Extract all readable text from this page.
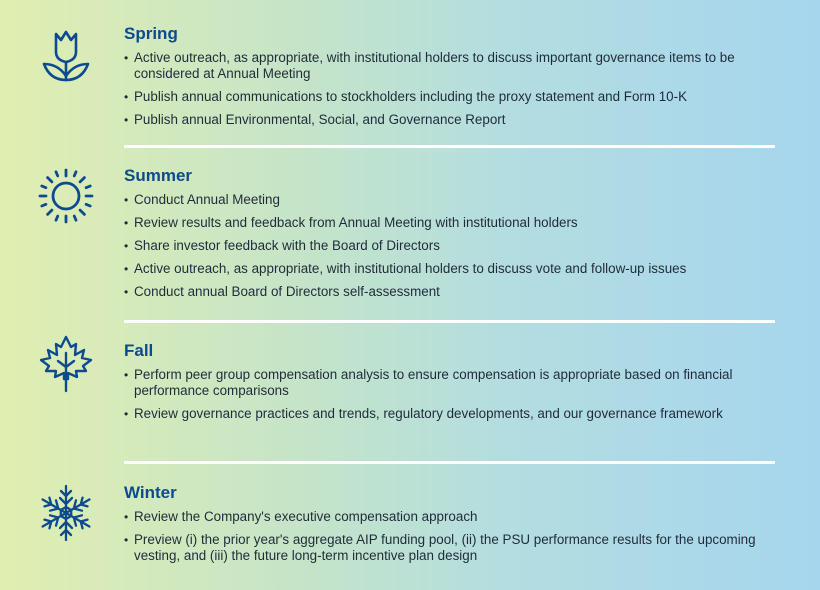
Spring
• Active outreach, as appropriate, with institutional holders to discuss important governance items to be considered at Annual Meeting
• Publish annual communications to stockholders including the proxy statement and Form 10-K
• Publish annual Environmental, Social, and Governance Report
Summer
• Conduct Annual Meeting
• Review results and feedback from Annual Meeting with institutional holders
• Share investor feedback with the Board of Directors
• Active outreach, as appropriate, with institutional holders to discuss vote and follow-up issues
• Conduct annual Board of Directors self-assessment
Fall
• Perform peer group compensation analysis to ensure compensation is appropriate based on financial performance comparisons
• Review governance practices and trends, regulatory developments, and our governance framework
Winter
• Review the Company's executive compensation approach
• Preview (i) the prior year's aggregate AIP funding pool, (ii) the PSU performance results for the upcoming vesting, and (iii) the future long-term incentive plan design
